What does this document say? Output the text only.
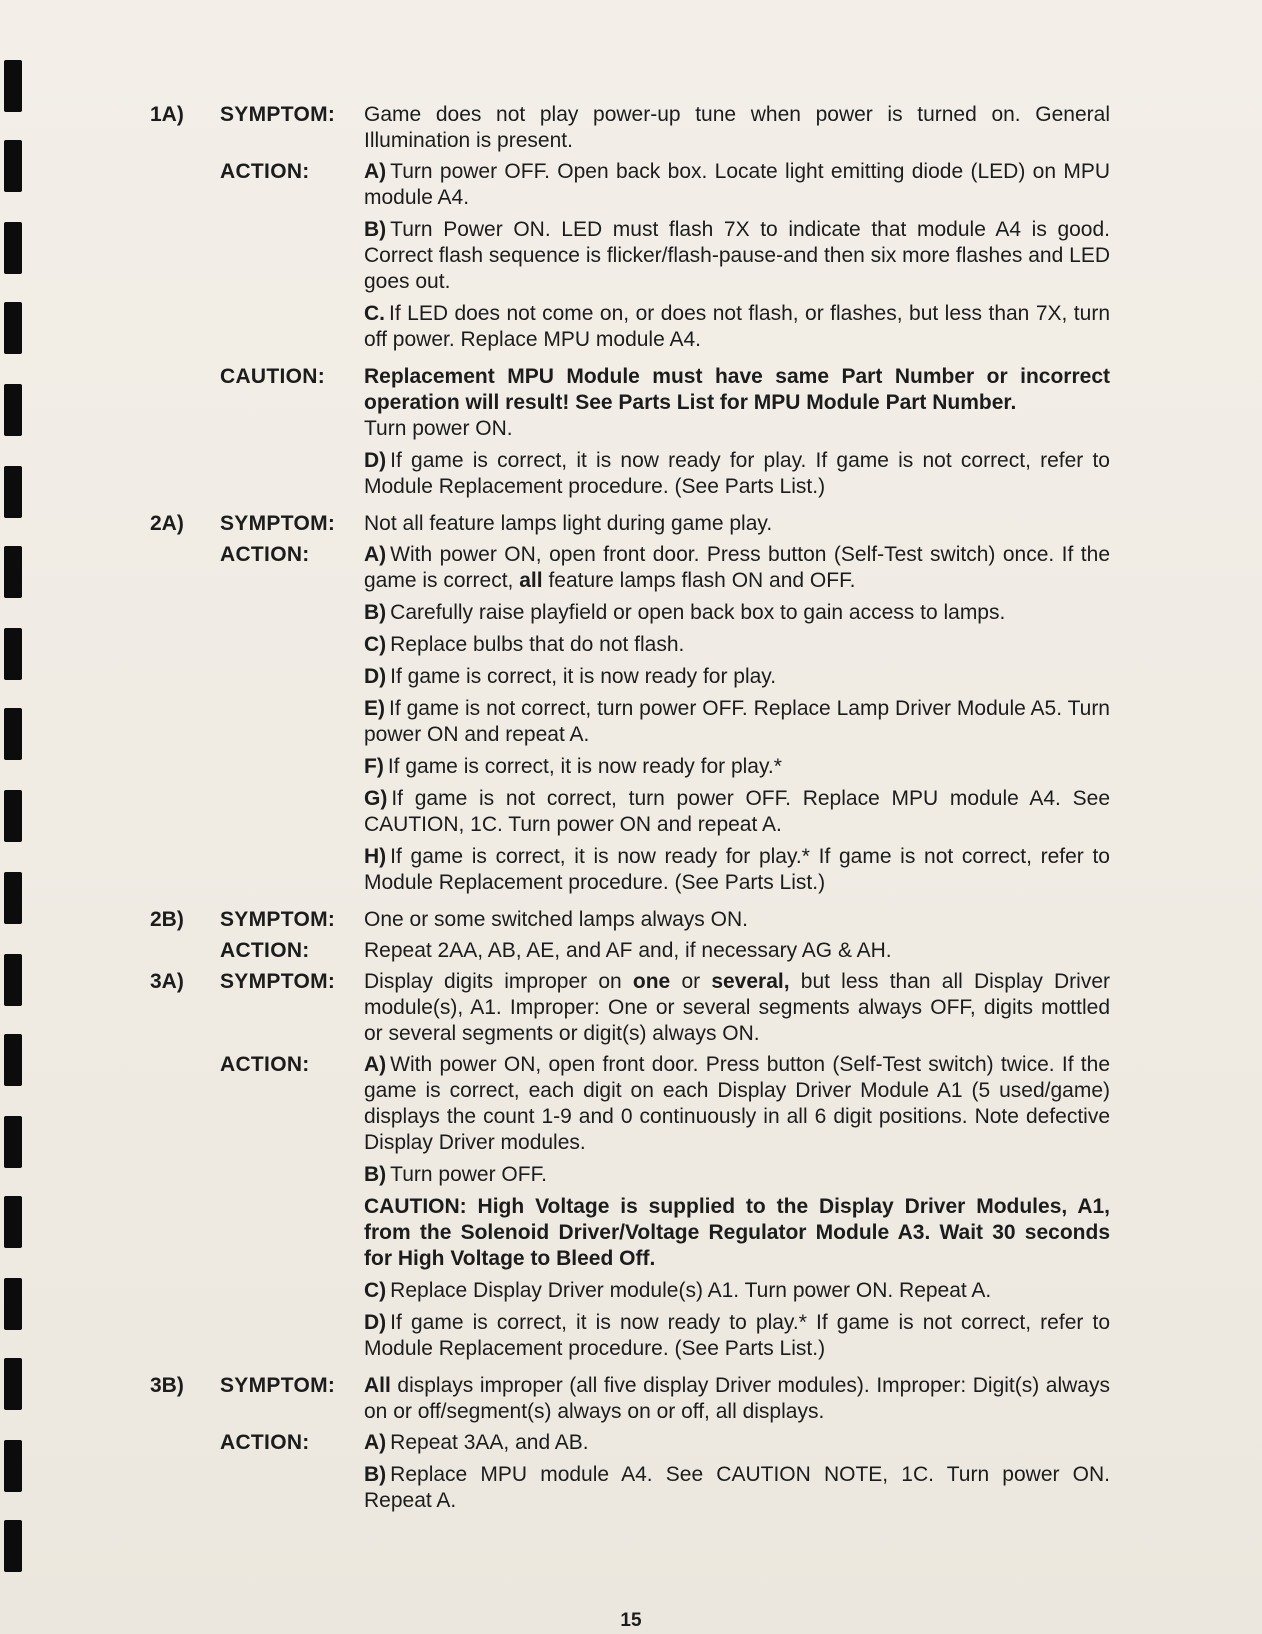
1A)	SYMPTOM:	Game does not play power-up tune when power is turned on. General Illumination is present.
ACTION:	A) Turn power OFF. Open back box. Locate light emitting diode (LED) on MPU module A4.

B) Turn Power ON. LED must flash 7X to indicate that module A4 is good. Correct flash sequence is flicker/flash-pause-and then six more flashes and LED goes out.

C. If LED does not come on, or does not flash, or flashes, but less than 7X, turn off power. Replace MPU module A4.

CAUTION:	Replacement MPU Module must have same Part Number or incorrect operation will result! See Parts List for MPU Module Part Number.

Turn power ON.

D) If game is correct, it is now ready for play. If game is not correct, refer to Module Replacement procedure. (See Parts List.)

2A)	SYMPTOM:	Not all feature lamps light during game play.
ACTION:	A) With power ON, open front door. Press button (Self-Test switch) once. If the game is correct, all feature lamps flash ON and OFF.

B) Carefully raise playfield or open back box to gain access to lamps.

C) Replace bulbs that do not flash.

D) If game is correct, it is now ready for play.

E) If game is not correct, turn power OFF. Replace Lamp Driver Module A5. Turn power ON and repeat A.

F) If game is correct, it is now ready for play.*

G) If game is not correct, turn power OFF. Replace MPU module A4. See CAUTION, 1C. Turn power ON and repeat A.

H) If game is correct, it is now ready for play.* If game is not correct, refer to Module Replacement procedure. (See Parts List.)

2B)	SYMPTOM:	One or some switched lamps always ON.
ACTION:	Repeat 2AA, AB, AE, and AF and, if necessary AG & AH.
3A)	SYMPTOM:	Display digits improper on one or several, but less than all Display Driver module(s), A1. Improper: One or several segments always OFF, digits mottled or several segments or digit(s) always ON.
ACTION:	A) With power ON, open front door. Press button (Self-Test switch) twice. If the game is correct, each digit on each Display Driver Module A1 (5 used/game) displays the count 1-9 and 0 continuously in all 6 digit positions. Note defective Display Driver modules.

B) Turn power OFF.

CAUTION: High Voltage is supplied to the Display Driver Modules, A1, from the Solenoid Driver/Voltage Regulator Module A3. Wait 30 seconds for High Voltage to Bleed Off.

C) Replace Display Driver module(s) A1. Turn power ON. Repeat A.

D) If game is correct, it is now ready to play.* If game is not correct, refer to Module Replacement procedure. (See Parts List.)

3B)	SYMPTOM:	All displays improper (all five display Driver modules). Improper: Digit(s) always on or off/segment(s) always on or off, all displays.
ACTION:	A) Repeat 3AA, and AB.

B) Replace MPU module A4. See CAUTION NOTE, 1C. Turn power ON. Repeat A.

15
